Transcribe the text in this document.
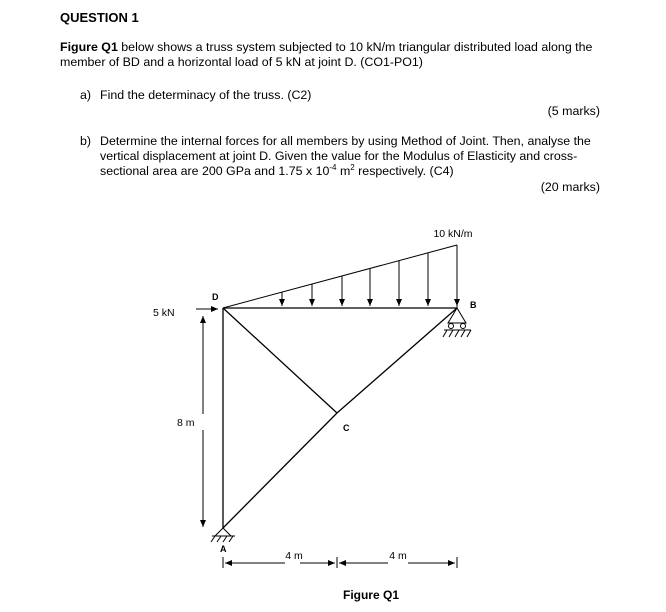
QUESTION 1
Figure Q1 below shows a truss system subjected to 10 kN/m triangular distributed load along the member of BD and a horizontal load of 5 kN at joint D. (CO1-PO1)
a) Find the determinacy of the truss. (C2)
(5 marks)
b) Determine the internal forces for all members by using Method of Joint. Then, analyse the vertical displacement at joint D. Given the value for the Modulus of Elasticity and cross-sectional area are 200 GPa and 1.75 x $10^{-4}$ $m^2$ respectively. (C4)
(20 marks)
10 kN/m
5 kN
D
B
C
A
8 m
4 m	4 m
Figure Q1
